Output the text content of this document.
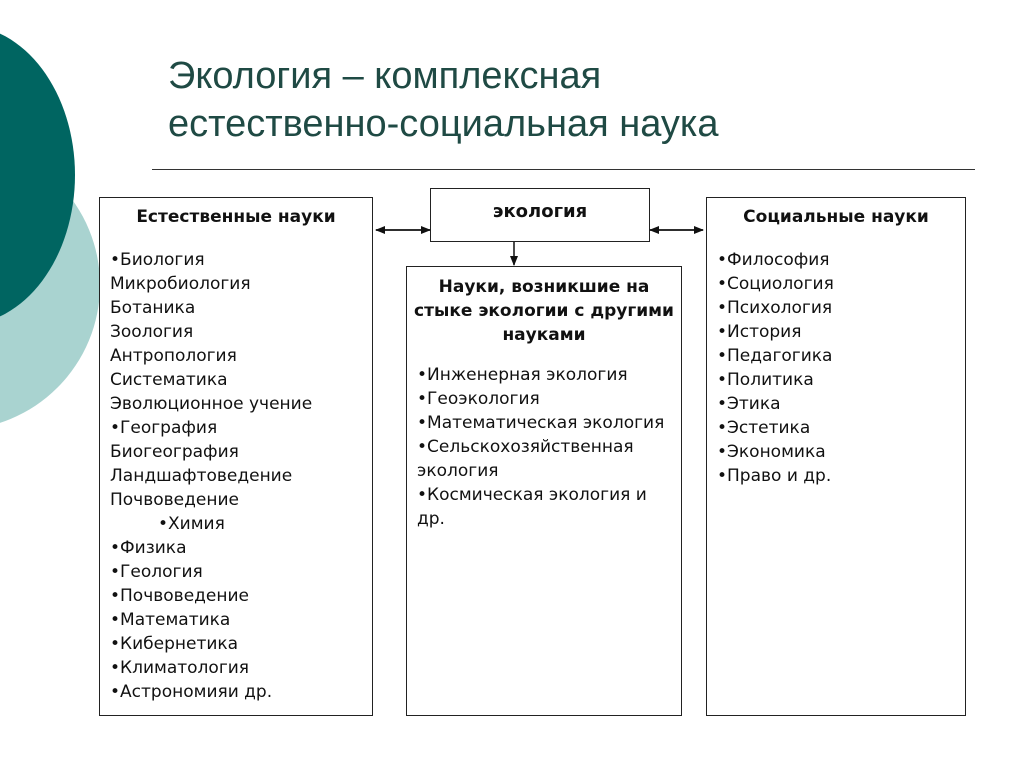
Экология – комплексная
естественно-социальная наука
Естественные науки
•Биология
Микробиология
Ботаника
Зоология
Антропология
Систематика
Эволюционное учение
•География
Биогеография
Ландшафтоведение
Почвоведение
•Химия
•Физика
•Геология
•Почвоведение
•Математика
•Кибернетика
•Климатология
•Астрономияи др.
экология
Науки, возникшие на стыке экологии с другими науками
•Инженерная экология
•Геоэкология
•Математическая экология
•Сельскохозяйственная экология
•Космическая экология и др.
Социальные науки
•Философия
•Социология
•Психология
•История
•Педагогика
•Политика
•Этика
•Эстетика
•Экономика
•Право и др.
